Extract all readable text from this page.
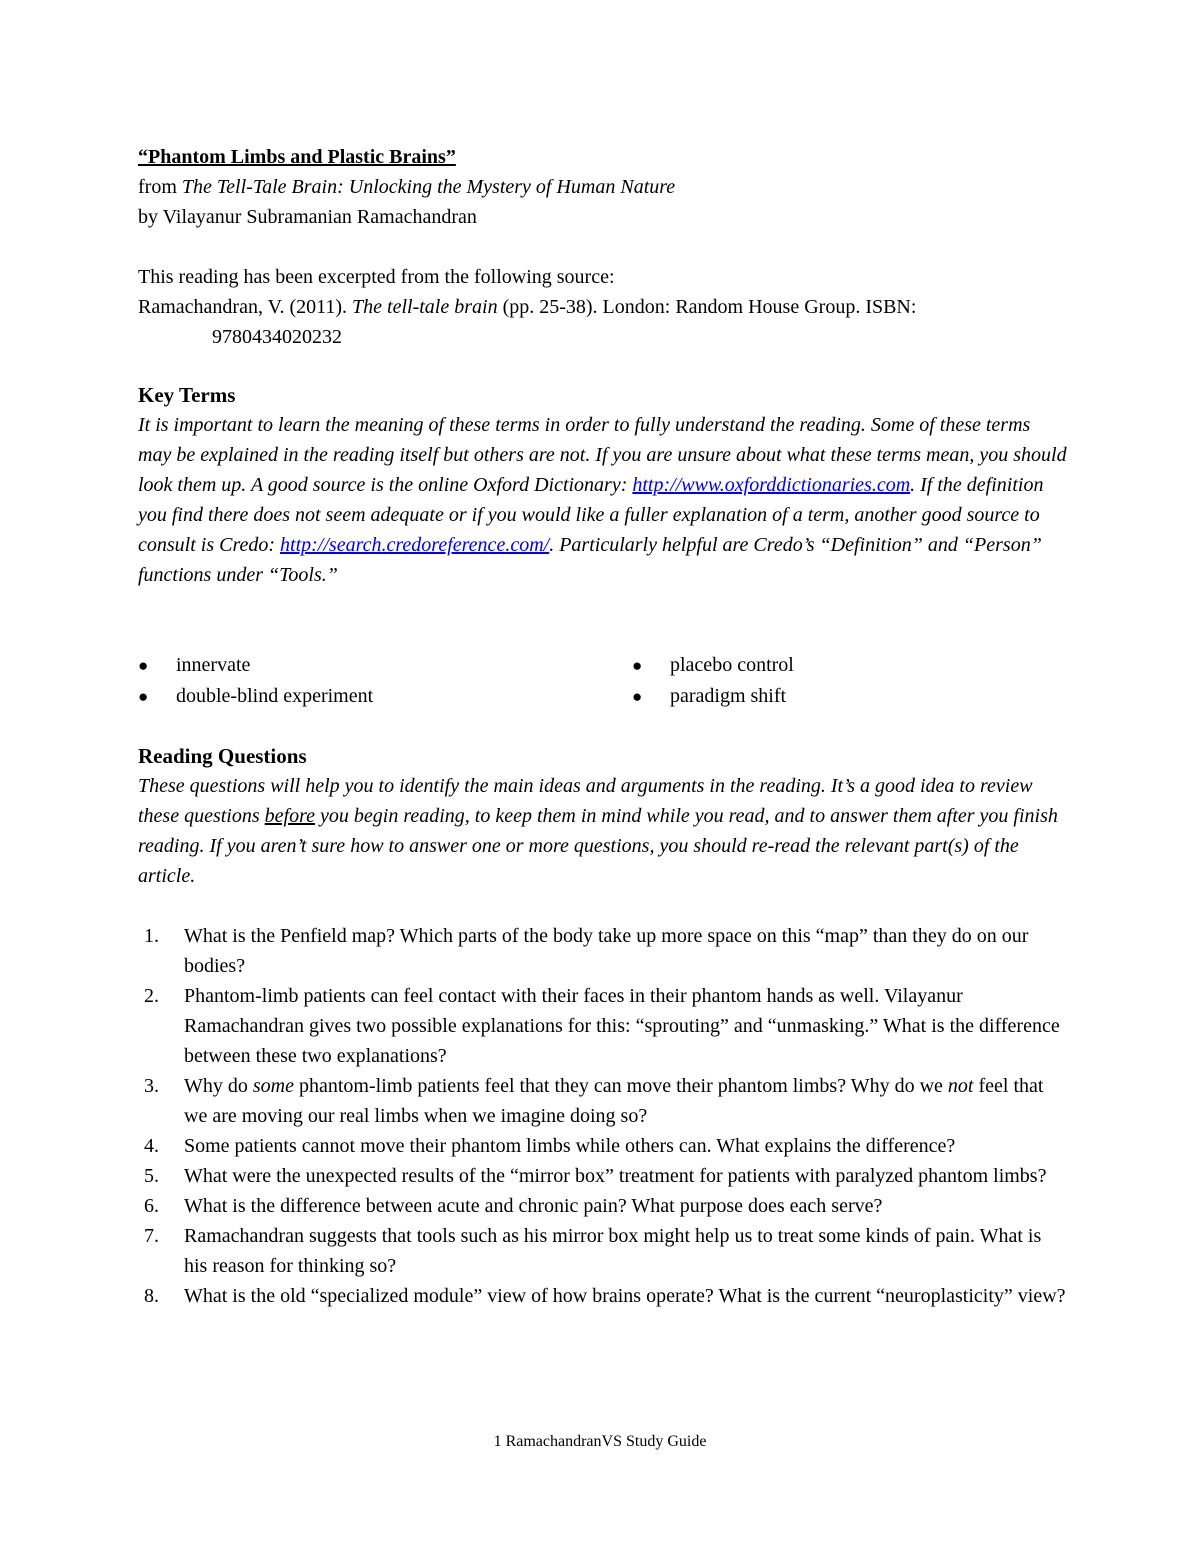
“Phantom Limbs and Plastic Brains”
from The Tell-Tale Brain: Unlocking the Mystery of Human Nature
by Vilayanur Subramanian Ramachandran
This reading has been excerpted from the following source:
Ramachandran, V. (2011). The tell-tale brain (pp. 25-38). London: Random House Group. ISBN:
9780434020232
Key Terms
It is important to learn the meaning of these terms in order to fully understand the reading. Some of these terms may be explained in the reading itself but others are not. If you are unsure about what these terms mean, you should look them up. A good source is the online Oxford Dictionary: http://www.oxforddictionaries.com. If the definition you find there does not seem adequate or if you would like a fuller explanation of a term, another good source to consult is Credo: http://search.credoreference.com/. Particularly helpful are Credo’s “Definition” and “Person” functions under “Tools.”
● innervate
● double-blind experiment
● placebo control
● paradigm shift
Reading Questions
These questions will help you to identify the main ideas and arguments in the reading. It’s a good idea to review these questions before you begin reading, to keep them in mind while you read, and to answer them after you finish reading. If you aren’t sure how to answer one or more questions, you should re-read the relevant part(s) of the article.
1. What is the Penfield map? Which parts of the body take up more space on this “map” than they do on our bodies?
2. Phantom-limb patients can feel contact with their faces in their phantom hands as well. Vilayanur Ramachandran gives two possible explanations for this: “sprouting” and “unmasking.” What is the difference between these two explanations?
3. Why do some phantom-limb patients feel that they can move their phantom limbs? Why do we not feel that we are moving our real limbs when we imagine doing so?
4. Some patients cannot move their phantom limbs while others can. What explains the difference?
5. What were the unexpected results of the “mirror box” treatment for patients with paralyzed phantom limbs?
6. What is the difference between acute and chronic pain? What purpose does each serve?
7. Ramachandran suggests that tools such as his mirror box might help us to treat some kinds of pain. What is his reason for thinking so?
8. What is the old “specialized module” view of how brains operate? What is the current “neuroplasticity” view?
1 RamachandranVS Study Guide
